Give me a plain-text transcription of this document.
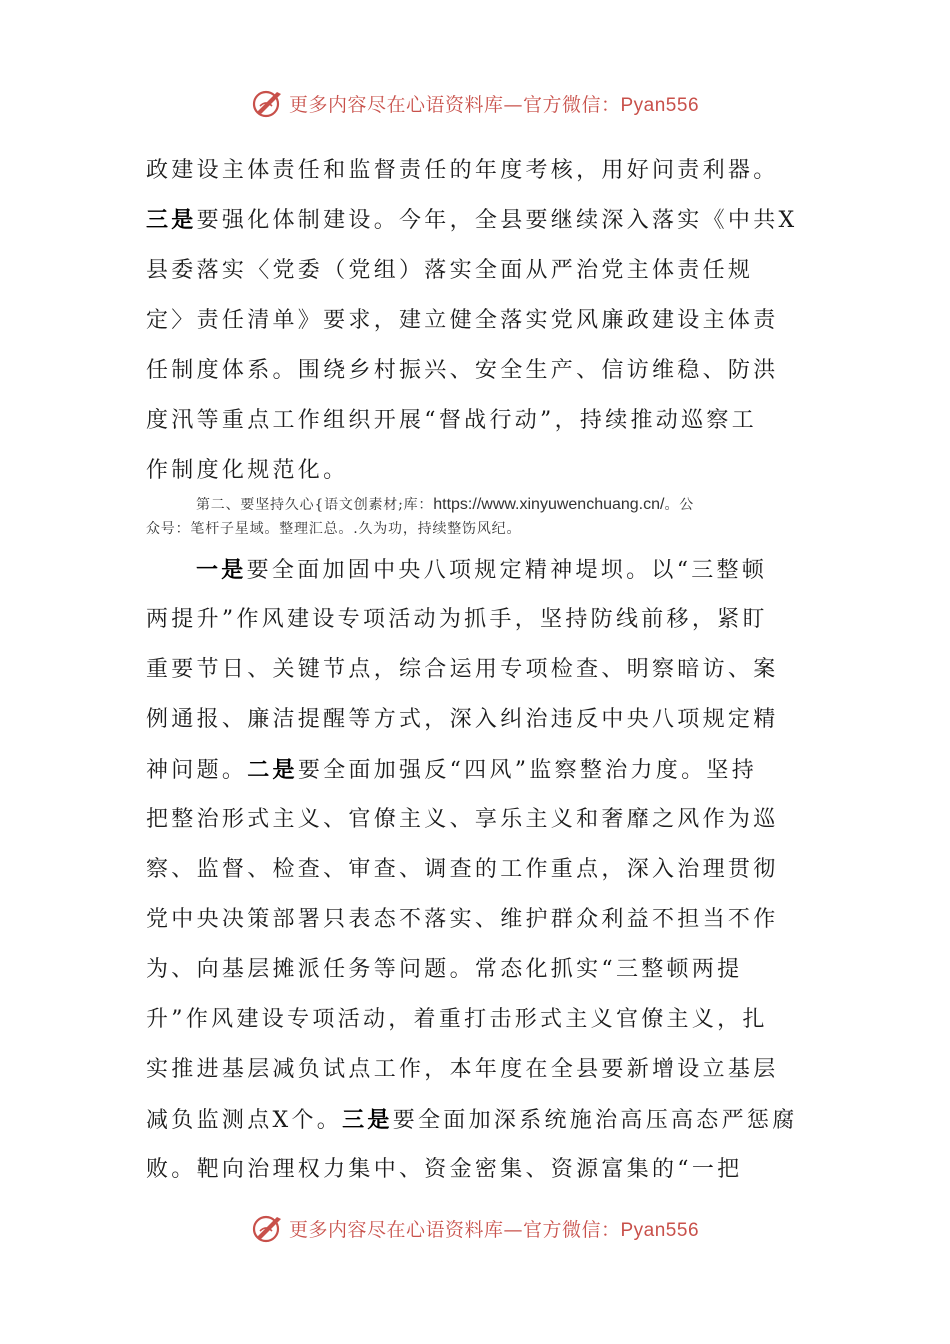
更多内容尽在心语资料库—官方微信：Pyan556
政建设主体责任和监督责任的年度考核，用好问责利器。
三是要强化体制建设。今年，全县要继续深入落实《中共X
县委落实〈党委（党组）落实全面从严治党主体责任规
定〉责任清单》要求，建立健全落实党风廉政建设主体责
任制度体系。围绕乡村振兴、安全生产、信访维稳、防洪
度汛等重点工作组织开展“督战行动”，持续推动巡察工
作制度化规范化。
第二、要坚持久心{语文创素材;库：https://www.xinyuwenchuang.cn/。公
众号：笔杆子星域。整理汇总。.久为功，持续整饬风纪。
一是要全面加固中央八项规定精神堤坝。以“三整顿
两提升”作风建设专项活动为抓手，坚持防线前移，紧盯
重要节日、关键节点，综合运用专项检查、明察暗访、案
例通报、廉洁提醒等方式，深入纠治违反中央八项规定精
神问题。二是要全面加强反“四风”监察整治力度。坚持
把整治形式主义、官僚主义、享乐主义和奢靡之风作为巡
察、监督、检查、审查、调查的工作重点，深入治理贯彻
党中央决策部署只表态不落实、维护群众利益不担当不作
为、向基层摊派任务等问题。常态化抓实“三整顿两提
升”作风建设专项活动，着重打击形式主义官僚主义，扎
实推进基层减负试点工作，本年度在全县要新增设立基层
减负监测点X个。三是要全面加深系统施治高压高态严惩腐
败。靶向治理权力集中、资金密集、资源富集的“一把
更多内容尽在心语资料库—官方微信：Pyan556
